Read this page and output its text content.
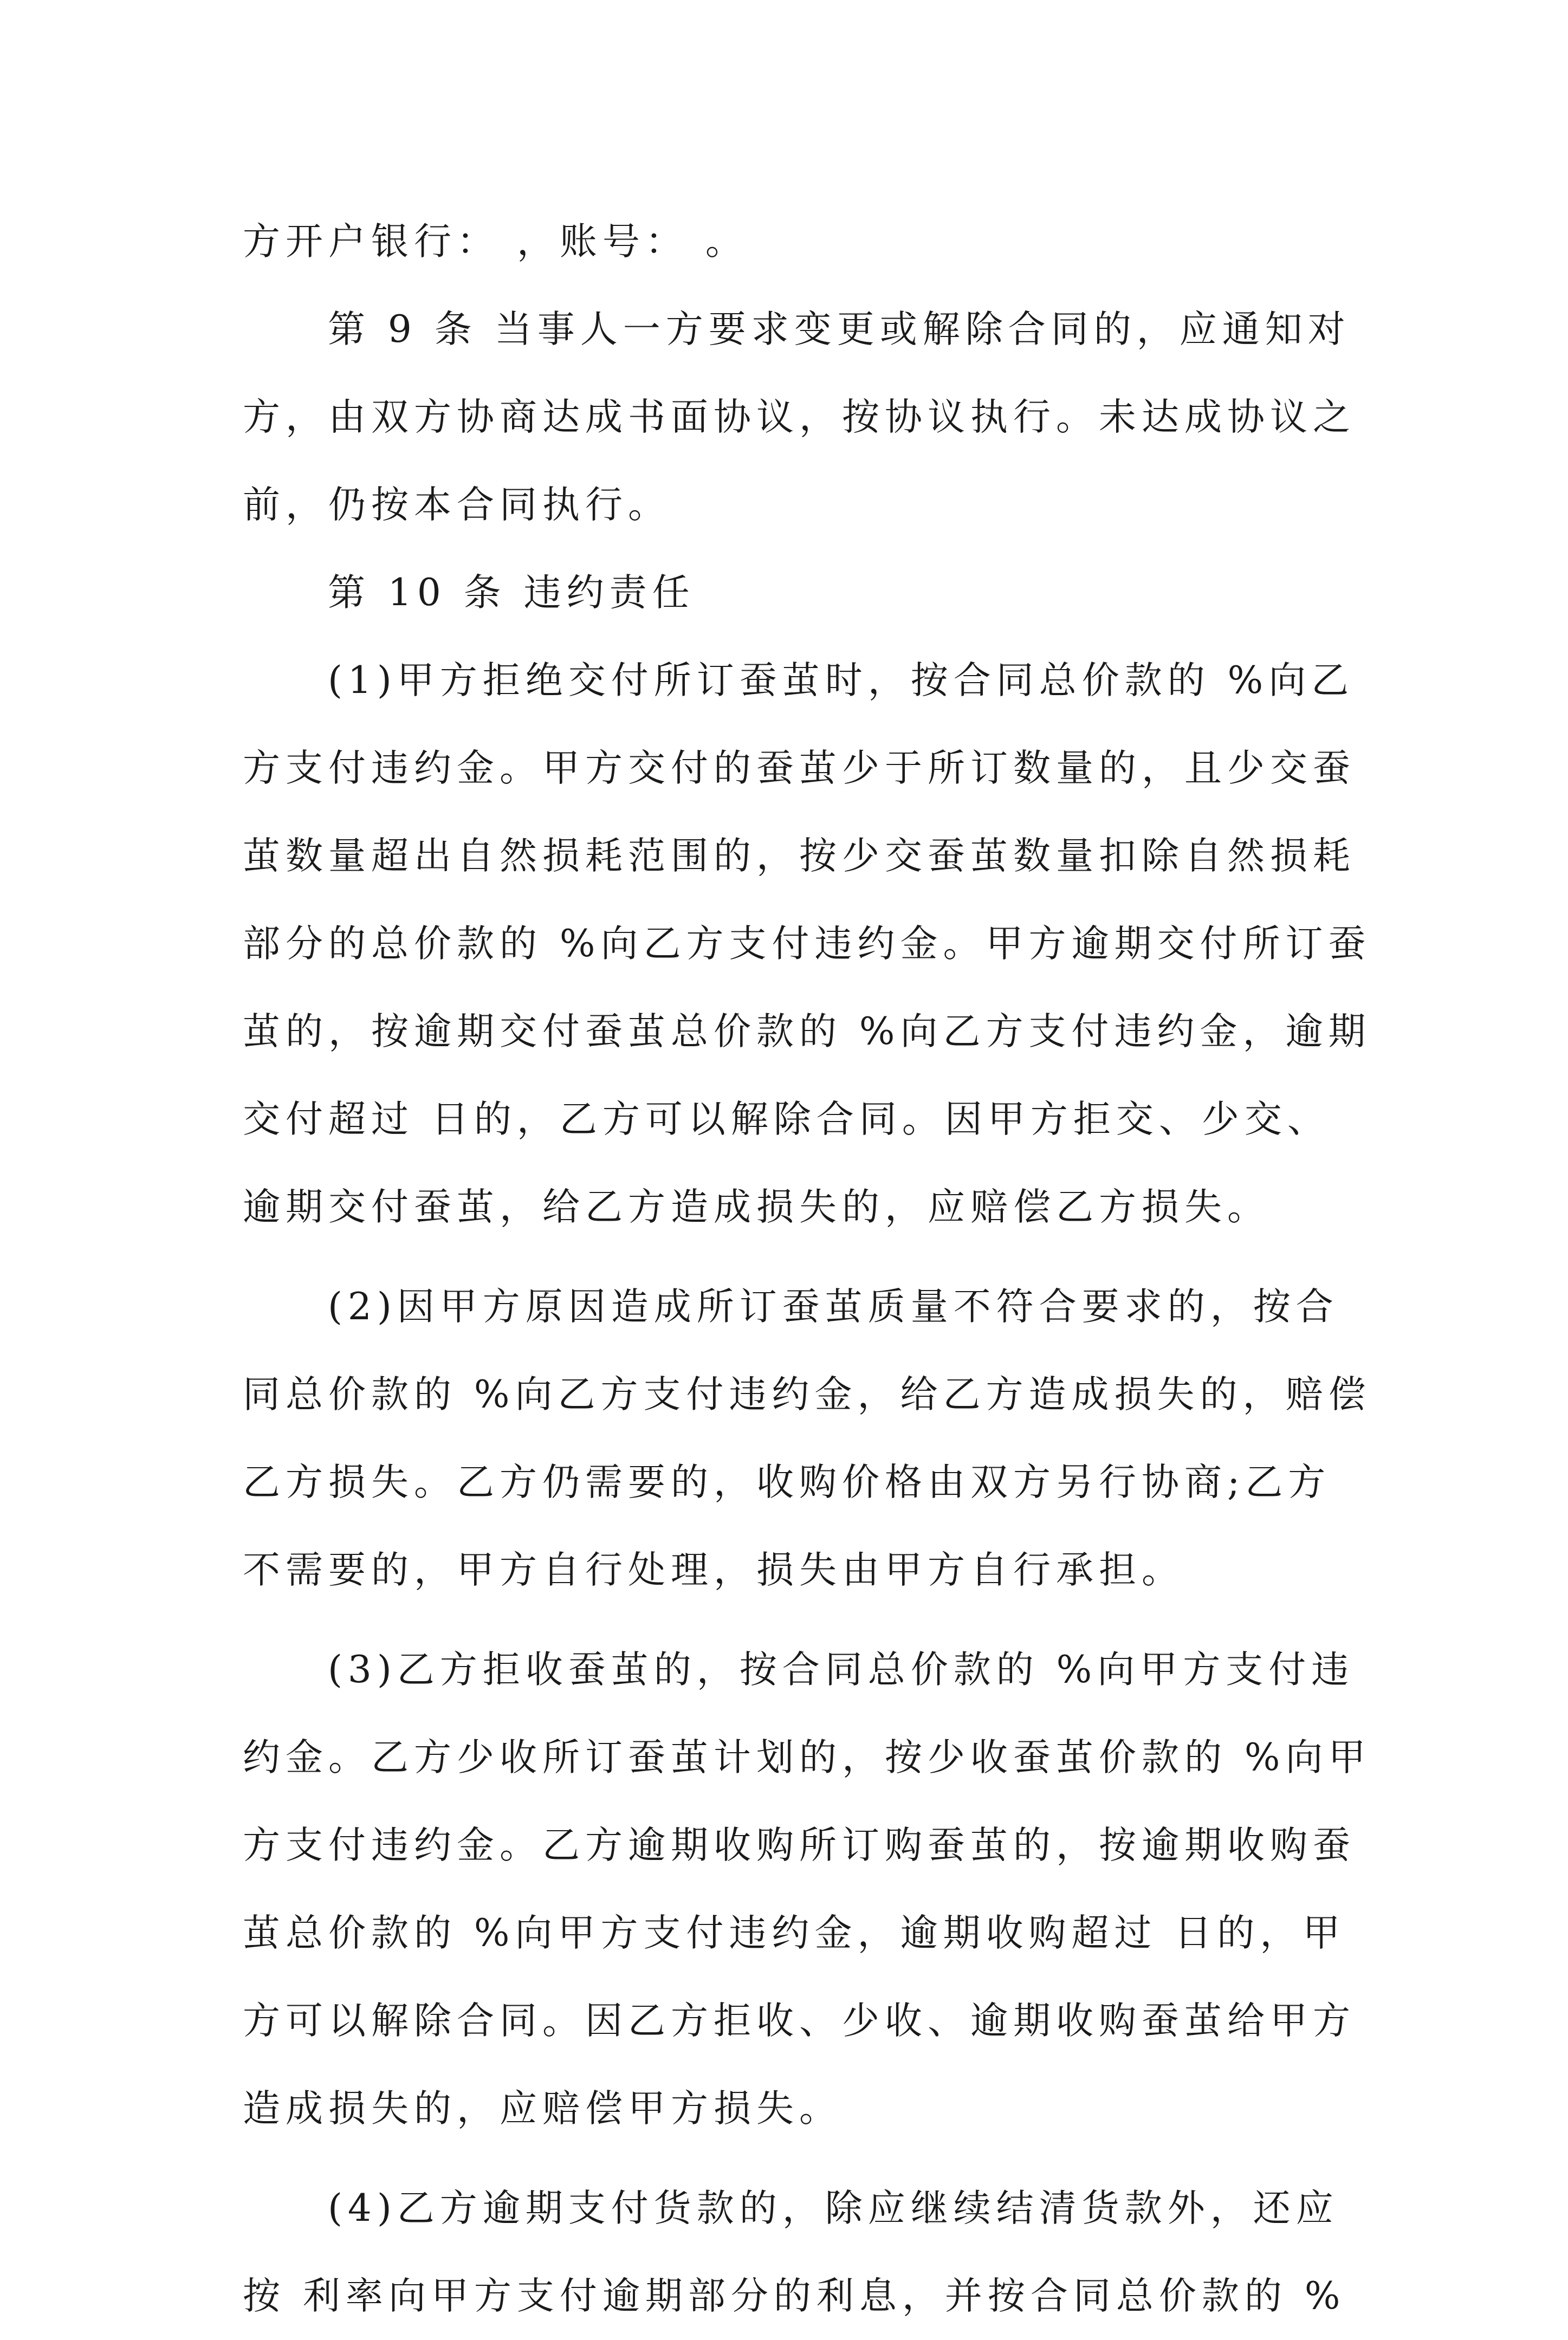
方开户银行： ，账号： 。
第 9 条 当事人一方要求变更或解除合同的，应通知对
方，由双方协商达成书面协议，按协议执行。未达成协议之
前，仍按本合同执行。
第 10 条 违约责任
(1)甲方拒绝交付所订蚕茧时，按合同总价款的 %向乙
方支付违约金。甲方交付的蚕茧少于所订数量的，且少交蚕
茧数量超出自然损耗范围的，按少交蚕茧数量扣除自然损耗
部分的总价款的 %向乙方支付违约金。甲方逾期交付所订蚕
茧的，按逾期交付蚕茧总价款的 %向乙方支付违约金，逾期
交付超过 日的，乙方可以解除合同。因甲方拒交、少交、
逾期交付蚕茧，给乙方造成损失的，应赔偿乙方损失。
(2)因甲方原因造成所订蚕茧质量不符合要求的，按合
同总价款的 %向乙方支付违约金，给乙方造成损失的，赔偿
乙方损失。乙方仍需要的，收购价格由双方另行协商;乙方
不需要的，甲方自行处理，损失由甲方自行承担。
(3)乙方拒收蚕茧的，按合同总价款的 %向甲方支付违
约金。乙方少收所订蚕茧计划的，按少收蚕茧价款的 %向甲
方支付违约金。乙方逾期收购所订购蚕茧的，按逾期收购蚕
茧总价款的 %向甲方支付违约金，逾期收购超过 日的，甲
方可以解除合同。因乙方拒收、少收、逾期收购蚕茧给甲方
造成损失的，应赔偿甲方损失。
(4)乙方逾期支付货款的，除应继续结清货款外，还应
按 利率向甲方支付逾期部分的利息，并按合同总价款的 %
